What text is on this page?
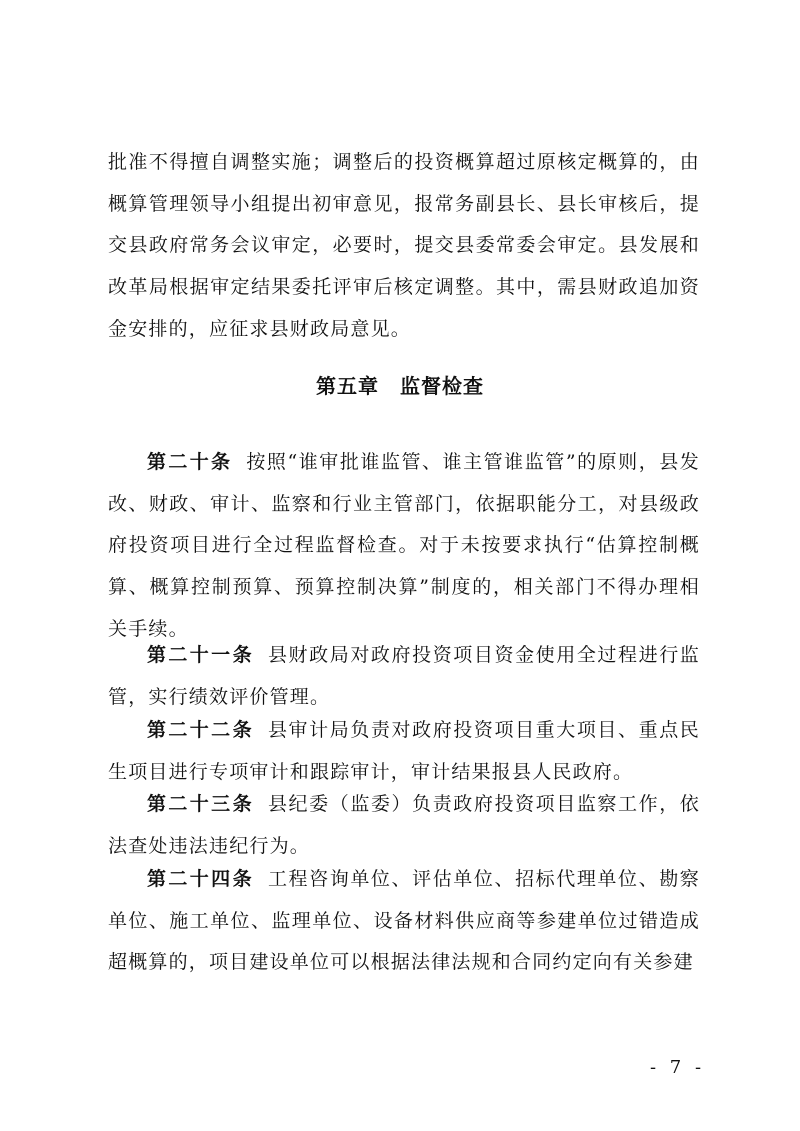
批准不得擅自调整实施；调整后的投资概算超过原核定概算的，由概算管理领导小组提出初审意见，报常务副县长、县长审核后，提交县政府常务会议审定，必要时，提交县委常委会审定。县发展和改革局根据审定结果委托评审后核定调整。其中，需县财政追加资金安排的，应征求县财政局意见。

第五章　监督检查

第二十条 按照“谁审批谁监管、谁主管谁监管”的原则，县发改、财政、审计、监察和行业主管部门，依据职能分工，对县级政府投资项目进行全过程监督检查。对于未按要求执行“估算控制概算、概算控制预算、预算控制决算”制度的，相关部门不得办理相关手续。

第二十一条 县财政局对政府投资项目资金使用全过程进行监管，实行绩效评价管理。

第二十二条 县审计局负责对政府投资项目重大项目、重点民生项目进行专项审计和跟踪审计，审计结果报县人民政府。

第二十三条 县纪委（监委）负责政府投资项目监察工作，依法查处违法违纪行为。

第二十四条 工程咨询单位、评估单位、招标代理单位、勘察单位、施工单位、监理单位、设备材料供应商等参建单位过错造成超概算的，项目建设单位可以根据法律法规和合同约定向有关参建

- 7 -
